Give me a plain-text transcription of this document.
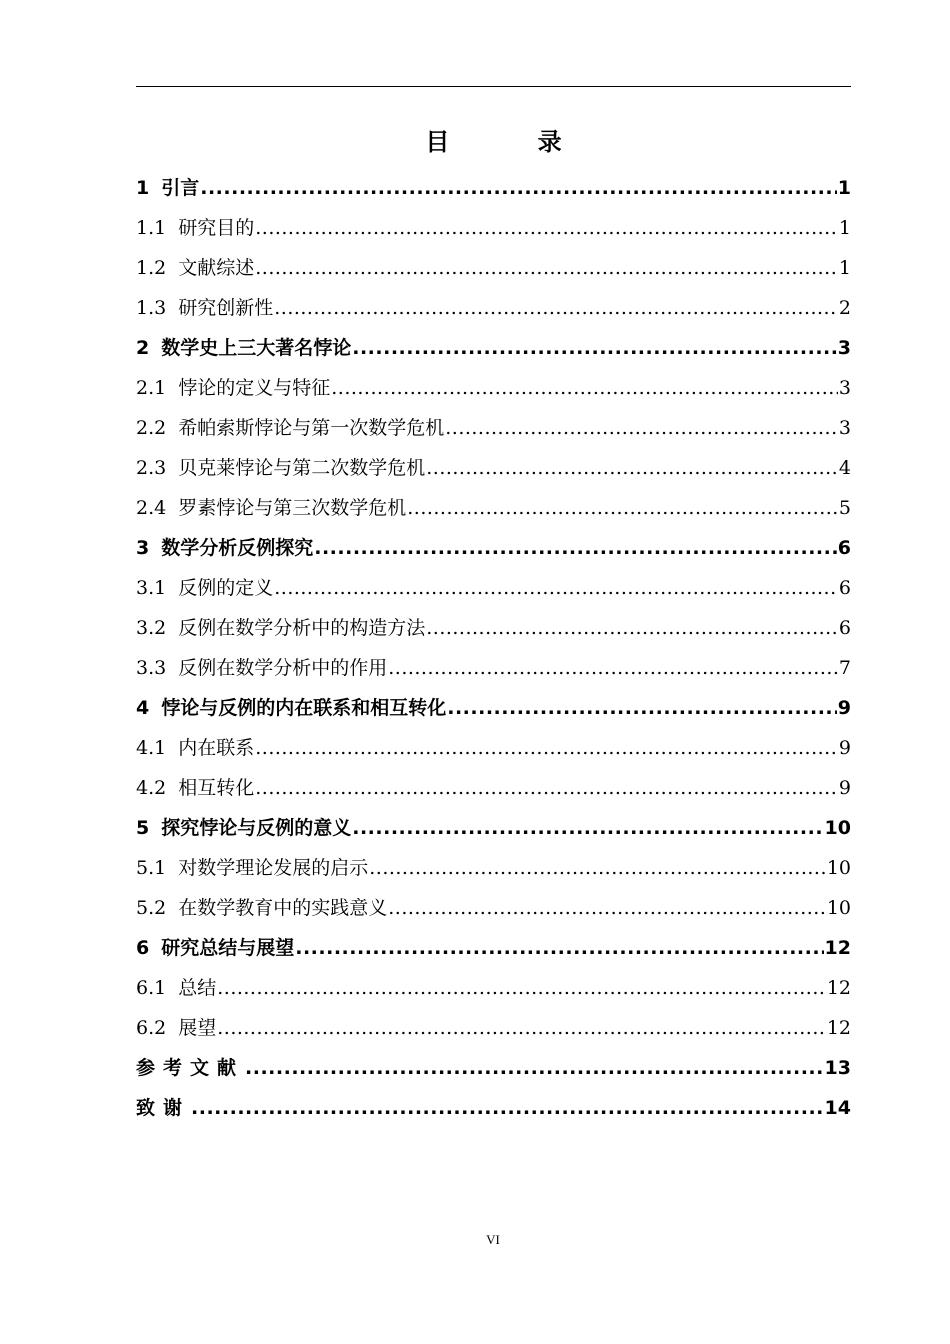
目 录
1 引言 .....	1
1.1 研究目的 .....	1
1.2 文献综述 .....	1
1.3 研究创新性 .....	2
2 数学史上三大著名悖论 .....	3
2.1 悖论的定义与特征 .....	3
2.2 希帕索斯悖论与第一次数学危机 .....	3
2.3 贝克莱悖论与第二次数学危机 .....	4
2.4 罗素悖论与第三次数学危机 .....	5
3 数学分析反例探究 .....	6
3.1 反例的定义 .....	6
3.2 反例在数学分析中的构造方法 .....	6
3.3 反例在数学分析中的作用 .....	7
4 悖论与反例的内在联系和相互转化 .....	9
4.1 内在联系 .....	9
4.2 相互转化 .....	9
5 探究悖论与反例的意义 .....	10
5.1 对数学理论发展的启示 .....	10
5.2 在数学教育中的实践意义 .....	10
6 研究总结与展望 .....	12
6.1 总结 .....	12
6.2 展望 .....	12
参考文献 .....	13
致谢 .....	14
VI
